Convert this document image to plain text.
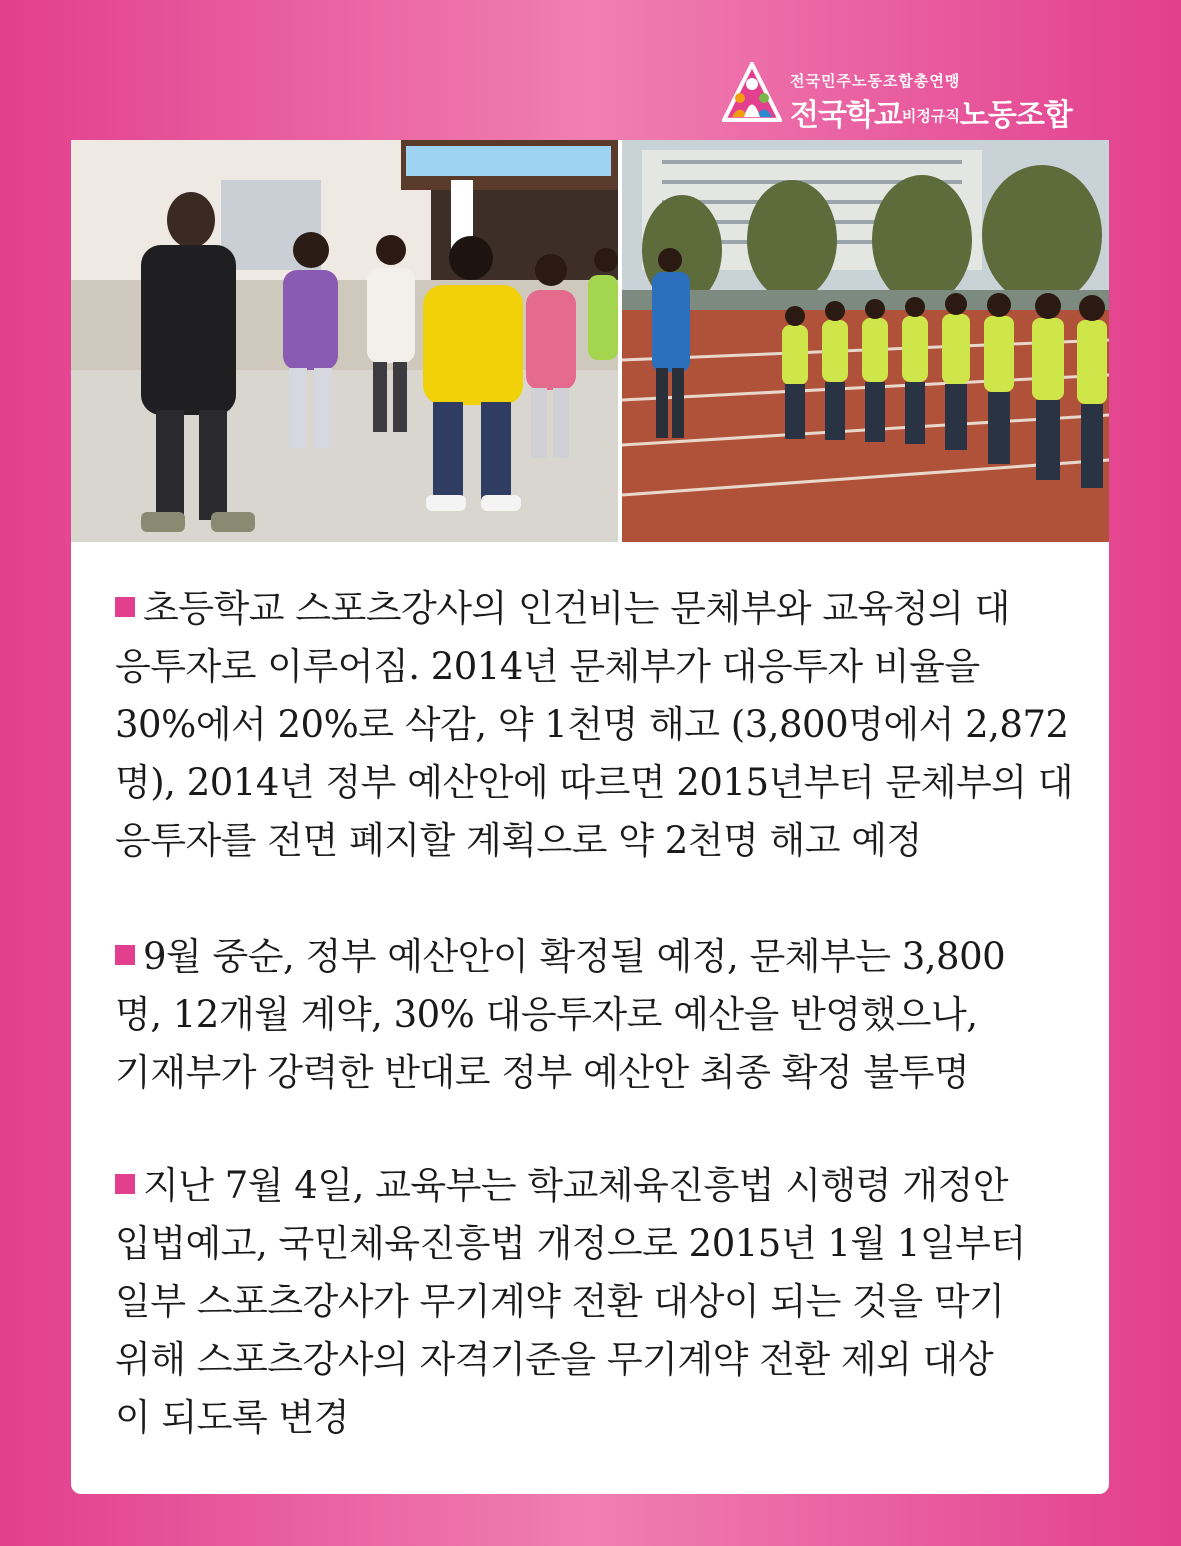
전국민주노동조합총연맹
전국학교비정규직노동조합
초등학교 스포츠강사의 인건비는 문체부와 교육청의 대
응투자로 이루어짐. 2014년 문체부가 대응투자 비율을
30%에서 20%로 삭감, 약 1천명 해고 (3,800명에서 2,872
명), 2014년 정부 예산안에 따르면 2015년부터 문체부의 대
응투자를 전면 폐지할 계획으로 약 2천명 해고 예정
9월 중순, 정부 예산안이 확정될 예정, 문체부는 3,800
명, 12개월 계약, 30% 대응투자로 예산을 반영했으나,
기재부가 강력한 반대로 정부 예산안 최종 확정 불투명
지난 7월 4일, 교육부는 학교체육진흥법 시행령 개정안
입법예고, 국민체육진흥법 개정으로 2015년 1월 1일부터
일부 스포츠강사가 무기계약 전환 대상이 되는 것을 막기
위해 스포츠강사의 자격기준을 무기계약 전환 제외 대상
이 되도록 변경
